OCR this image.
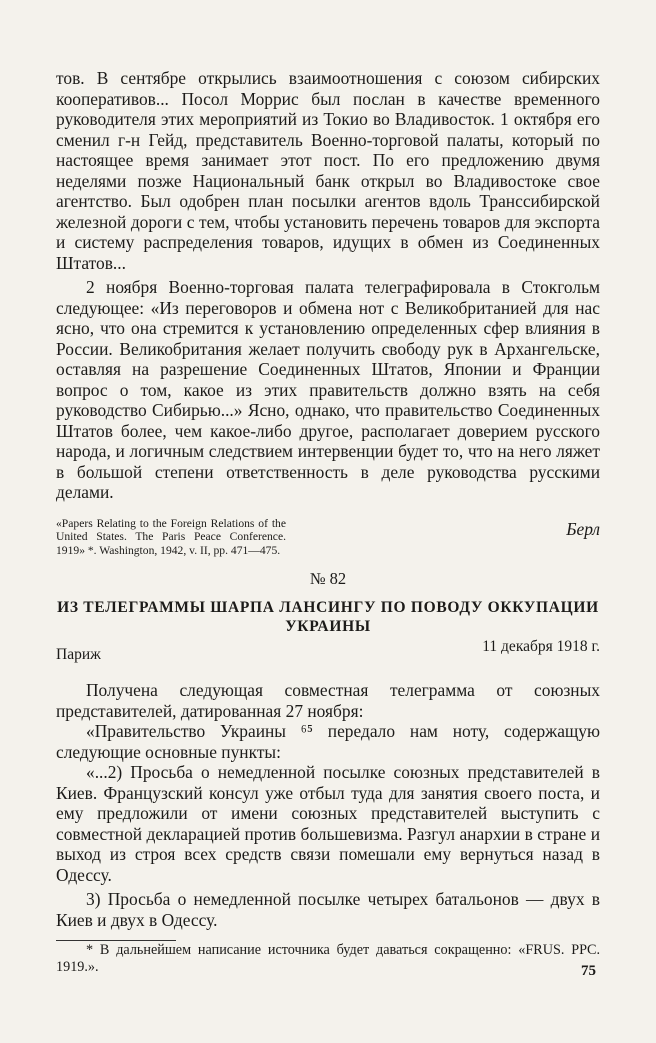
тов. В сентябре открылись взаимоотношения с союзом сибирских кооперативов... Посол Моррис был послан в качестве временного руководителя этих мероприятий из Токио во Владивосток. 1 октября его сменил г-н Гейд, представитель Военно-торговой палаты, который по настоящее время занимает этот пост. По его предложению двумя неделями позже Национальный банк открыл во Владивостоке свое агентство. Был одобрен план посылки агентов вдоль Транссибирской железной дороги с тем, чтобы установить перечень товаров для экспорта и систему распределения товаров, идущих в обмен из Соединенных Штатов...

2 ноября Военно-торговая палата телеграфировала в Стокгольм следующее: «Из переговоров и обмена нот с Великобританией для нас ясно, что она стремится к установлению определенных сфер влияния в России. Великобритания желает получить свободу рук в Архангельске, оставляя на разрешение Соединенных Штатов, Японии и Франции вопрос о том, какое из этих правительств должно взять на себя руководство Сибирью...» Ясно, однако, что правительство Соединенных Штатов более, чем какое-либо другое, располагает доверием русского народа, и логичным следствием интервенции будет то, что на него ляжет в большой степени ответственность в деле руководства русскими делами.

«Papers Relating to the Foreign Relations of the United States. The Paris Peace Conference. 1919» *. Washington, 1942, v. II, pp. 471—475.
Берл
№ 82
ИЗ ТЕЛЕГРАММЫ ШАРПА ЛАНСИНГУ ПО ПОВОДУ ОККУПАЦИИ УКРАИНЫ
Париж	11 декабря 1918 г.

Получена следующая совместная телеграмма от союзных представителей, датированная 27 ноября:

«Правительство Украины ⁶⁵ передало нам ноту, содержащую следующие основные пункты:

«...2) Просьба о немедленной посылке союзных представителей в Киев. Французский консул уже отбыл туда для занятия своего поста, и ему предложили от имени союзных представителей выступить с совместной декларацией против большевизма. Разгул анархии в стране и выход из строя всех средств связи помешали ему вернуться назад в Одессу.

3) Просьба о немедленной посылке четырех батальонов — двух в Киев и двух в Одессу.

* В дальнейшем написание источника будет даваться сокращенно: «FRUS. PPC. 1919.».	75
